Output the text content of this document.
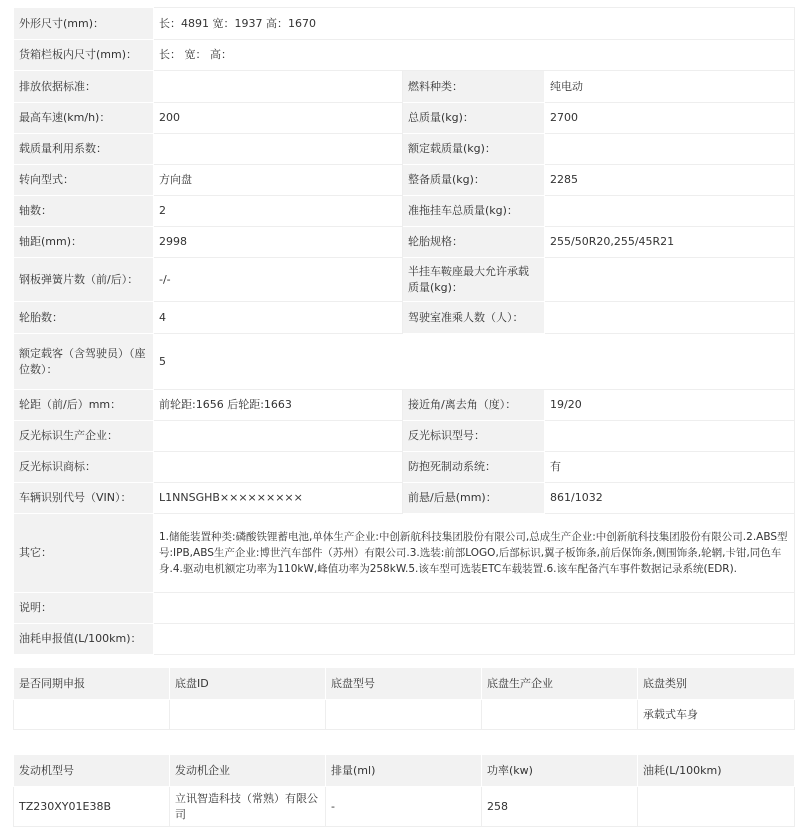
外形尺寸(mm)：	长：4891 宽：1937 高：1670		
货箱栏板内尺寸(mm)：	长： 宽： 高：		
排放依据标准：		燃料种类：	纯电动
最高车速(km/h)：	200	总质量(kg)：	2700
载质量利用系数：		额定载质量(kg)：	
转向型式：	方向盘	整备质量(kg)：	2285
轴数：	2	准拖挂车总质量(kg)：	
轴距(mm)：	2998	轮胎规格：	255/50R20,255/45R21
钢板弹簧片数（前/后）：	-/-	半挂车鞍座最大允许承载质量(kg)：	
轮胎数：	4	驾驶室准乘人数（人）：	
额定载客（含驾驶员）（座位数）：	5		
轮距（前/后）mm：	前轮距:1656 后轮距:1663	接近角/离去角（度）：	19/20
反光标识生产企业：		反光标识型号：	
反光标识商标：		防抱死制动系统：	有
车辆识别代号（VIN）：	L1NNSGHB×××××××××	前悬/后悬(mm)：	861/1032
其它：	1.储能装置种类:磷酸铁锂蓄电池,单体生产企业:中创新航科技集团股份有限公司,总成生产企业:中创新航科技集团股份有限公司.2.ABS型号:IPB,ABS生产企业:博世汽车部件（苏州）有限公司.3.选装:前部LOGO,后部标识,翼子板饰条,前后保饰条,侧围饰条,轮辋,卡钳,同色车身.4.驱动电机额定功率为110kW,峰值功率为258kW.5.该车型可选装ETC车载装置.6.该车配备汽车事件数据记录系统(EDR).		
说明：			
油耗申报值(L/100km)：			
是否同期申报	底盘ID	底盘型号	底盘生产企业	底盘类别
				承载式车身
发动机型号	发动机企业	排量(ml)	功率(kw)	油耗(L/100km)
TZ230XY01E38B	立讯智造科技（常熟）有限公司	-	258	
